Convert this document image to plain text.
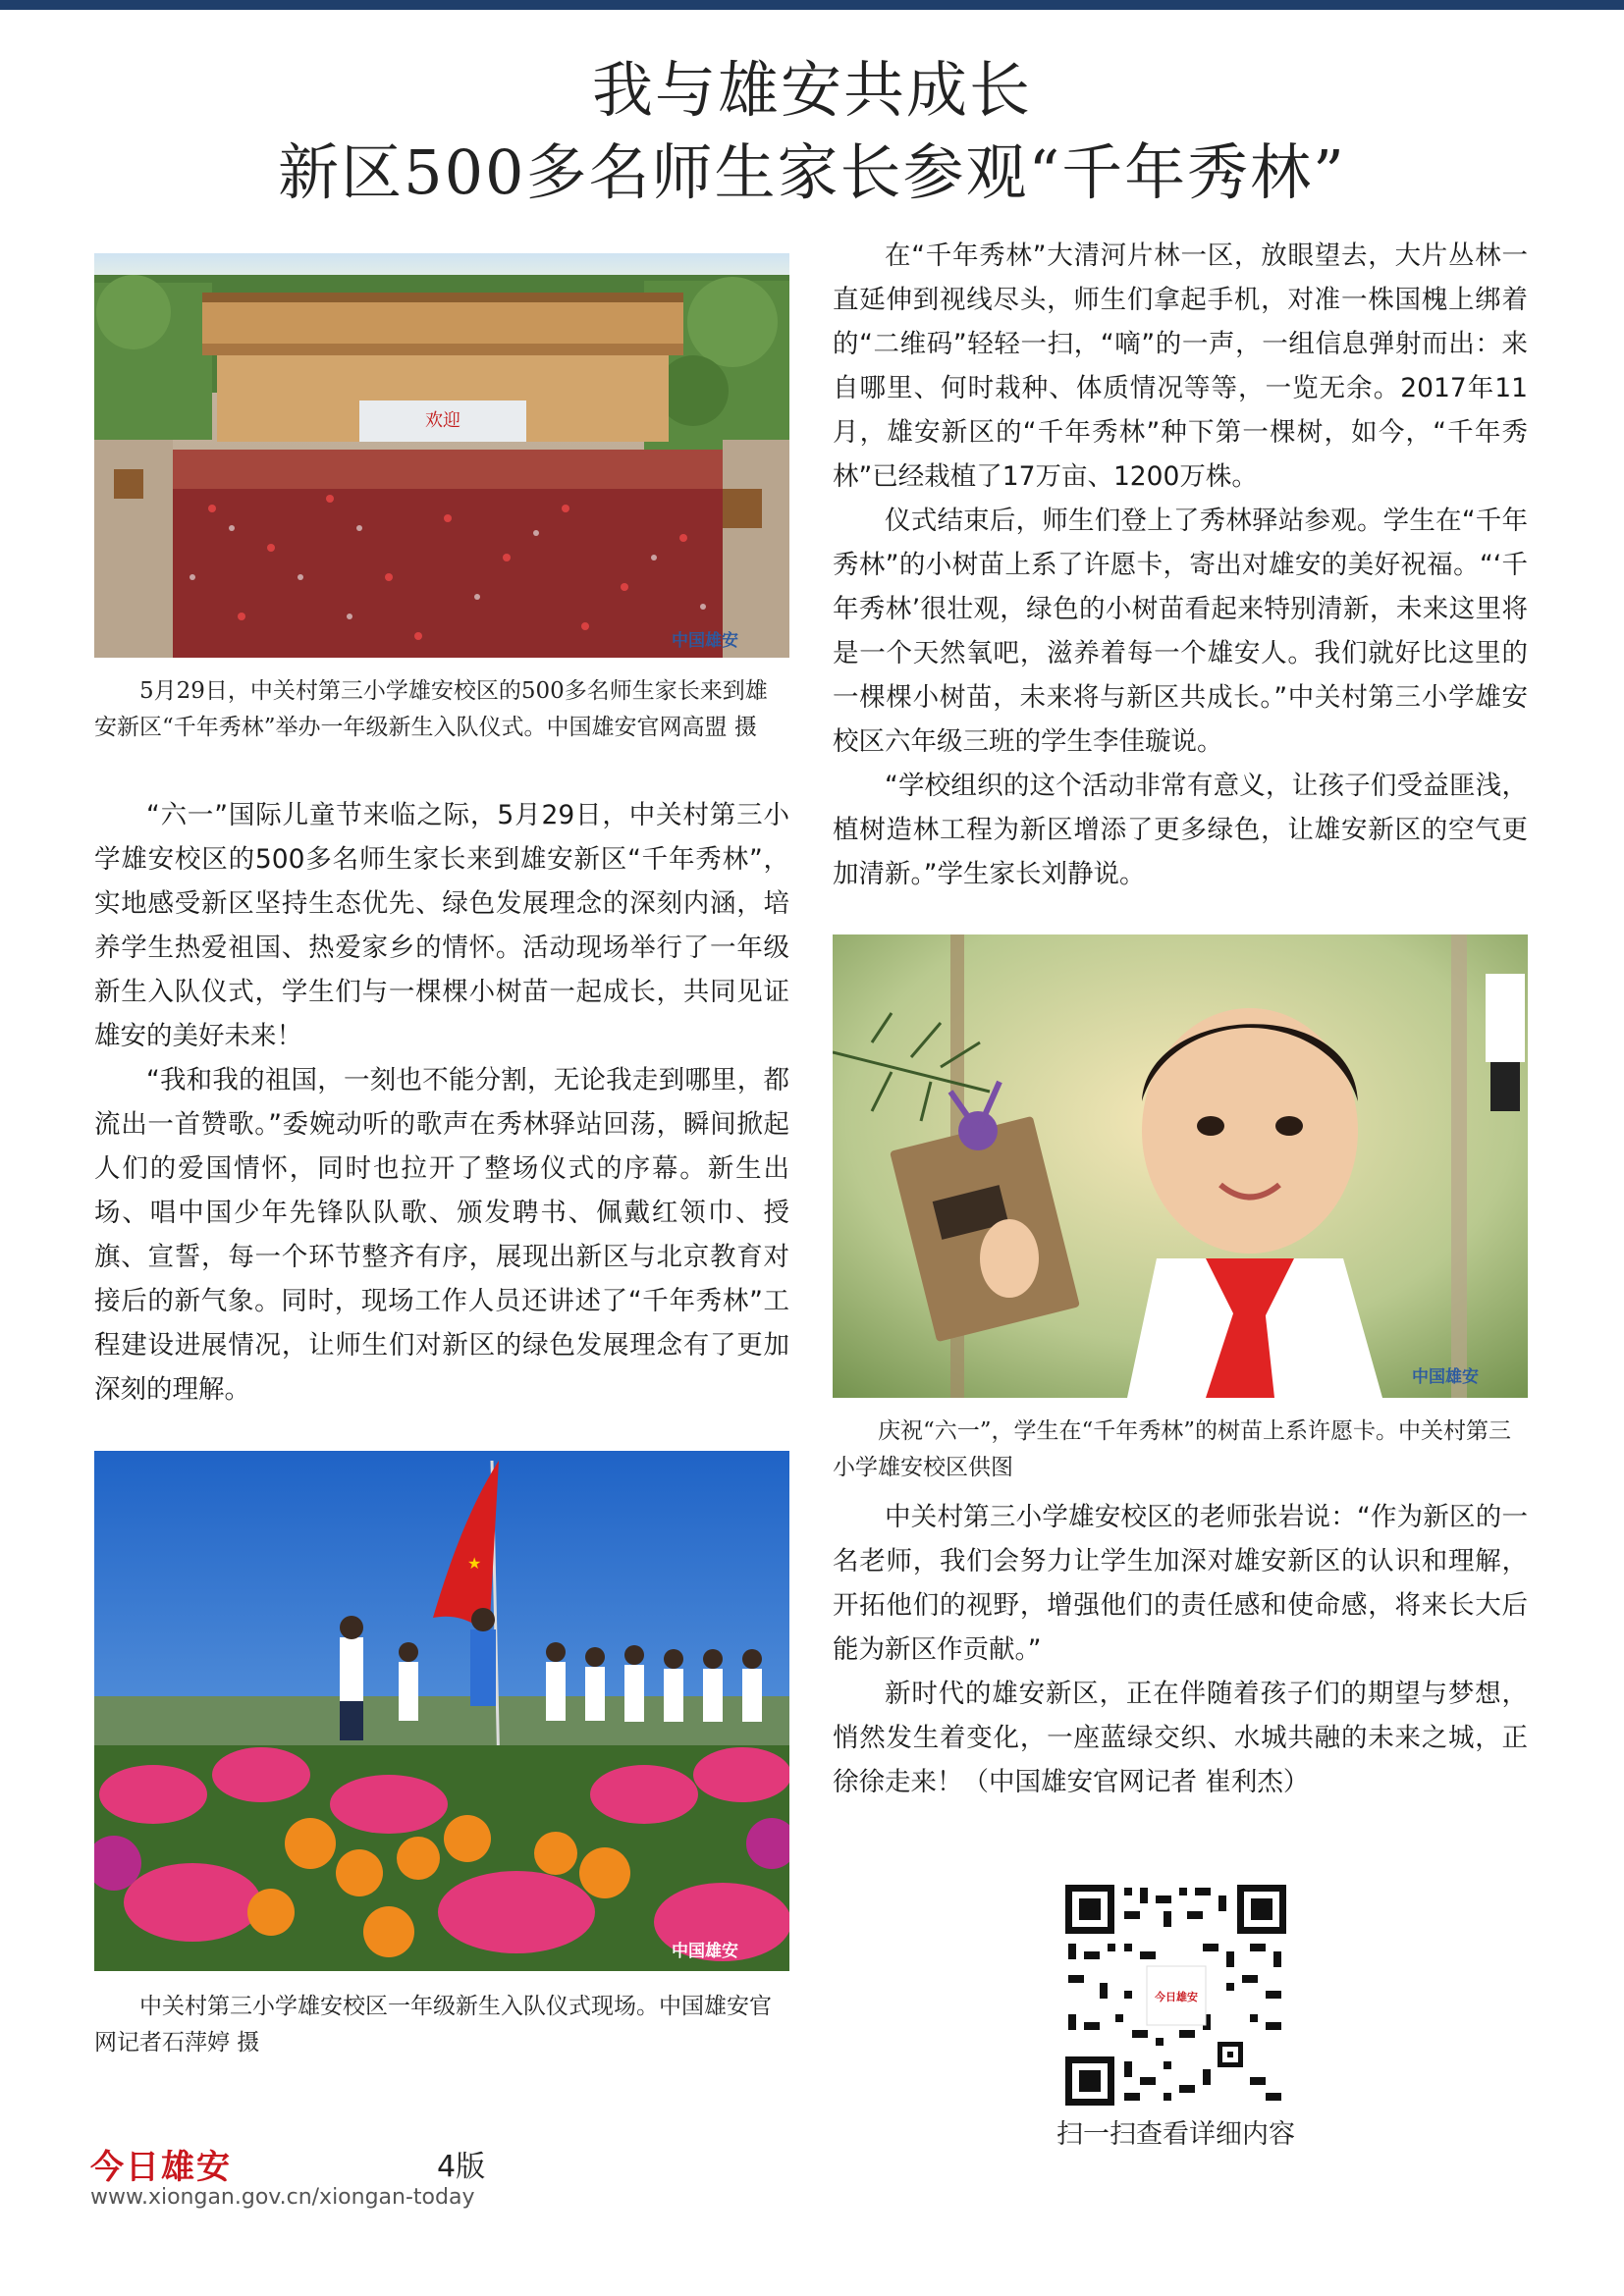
我与雄安共成长
新区500多名师生家长参观“千年秀林”
欢迎
中国雄安

5月29日，中关村第三小学雄安校区的500多名师生家长来到雄安新区“千年秀林”举办一年级新生入队仪式。中国雄安官网高盟 摄

“六一”国际儿童节来临之际，5月29日，中关村第三小学雄安校区的500多名师生家长来到雄安新区“千年秀林”，实地感受新区坚持生态优先、绿色发展理念的深刻内涵，培养学生热爱祖国、热爱家乡的情怀。活动现场举行了一年级新生入队仪式，学生们与一棵棵小树苗一起成长，共同见证雄安的美好未来！

“我和我的祖国，一刻也不能分割，无论我走到哪里，都流出一首赞歌。”委婉动听的歌声在秀林驿站回荡，瞬间掀起人们的爱国情怀，同时也拉开了整场仪式的序幕。新生出场、唱中国少年先锋队队歌、颁发聘书、佩戴红领巾、授旗、宣誓，每一个环节整齐有序，展现出新区与北京教育对接后的新气象。同时，现场工作人员还讲述了“千年秀林”工程建设进展情况，让师生们对新区的绿色发展理念有了更加深刻的理解。

★
中国雄安

中关村第三小学雄安校区一年级新生入队仪式现场。中国雄安官网记者石萍婷 摄

在“千年秀林”大清河片林一区，放眼望去，大片丛林一直延伸到视线尽头，师生们拿起手机，对准一株国槐上绑着的“二维码”轻轻一扫，“嘀”的一声，一组信息弹射而出：来自哪里、何时栽种、体质情况等等，一览无余。2017年11月，雄安新区的“千年秀林”种下第一棵树，如今，“千年秀林”已经栽植了17万亩、1200万株。

仪式结束后，师生们登上了秀林驿站参观。学生在“千年秀林”的小树苗上系了许愿卡，寄出对雄安的美好祝福。“‘千年秀林’很壮观，绿色的小树苗看起来特别清新，未来这里将是一个天然氧吧，滋养着每一个雄安人。我们就好比这里的一棵棵小树苗，未来将与新区共成长。”中关村第三小学雄安校区六年级三班的学生李佳璇说。

“学校组织的这个活动非常有意义，让孩子们受益匪浅，植树造林工程为新区增添了更多绿色，让雄安新区的空气更加清新。”学生家长刘静说。

中国雄安

庆祝“六一”，学生在“千年秀林”的树苗上系许愿卡。中关村第三小学雄安校区供图

中关村第三小学雄安校区的老师张岩说：“作为新区的一名老师，我们会努力让学生加深对雄安新区的认识和理解，开拓他们的视野，增强他们的责任感和使命感，将来长大后能为新区作贡献。”

新时代的雄安新区，正在伴随着孩子们的期望与梦想，悄然发生着变化，一座蓝绿交织、水城共融的未来之城，正徐徐走来！（中国雄安官网记者 崔利杰）

今日雄安
扫一扫查看详细内容
今日雄安	4版
www.xiongan.gov.cn/xiongan-today
